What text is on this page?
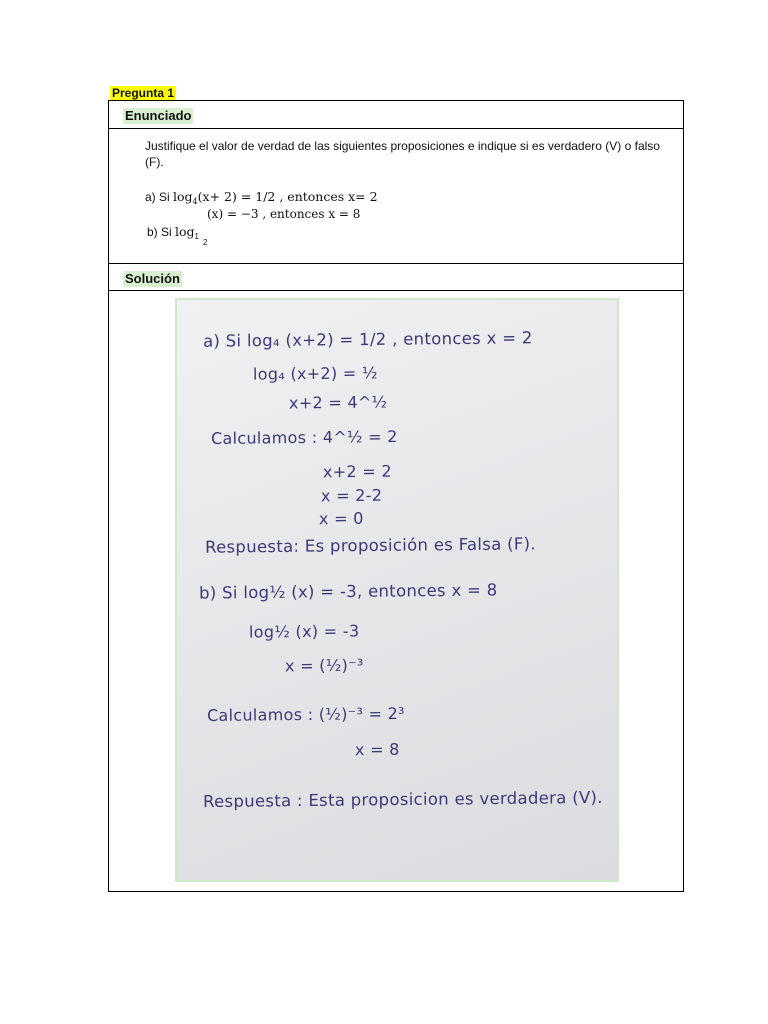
Pregunta 1
Enunciado
Justifique el valor de verdad de las siguientes proposiciones e indique si es verdadero (V) o falso (F).
a) Si $\log_4(x+ 2) = 1/2$ , entonces x= 2
(x) = −3 , entonces x = 8
b) Si $\log_1$
2
Solución
a) Si log₄ (x+2) = 1/2 , entonces x = 2
log₄ (x+2) = ½
x+2 = 4^½
Calculamos : 4^½ = 2
x+2 = 2
x = 2-2
x = 0
Respuesta: Es proposición es Falsa (F).
b) Si log½ (x) = -3, entonces x = 8
log½ (x) = -3
x = (½)⁻³
Calculamos : (½)⁻³ = 2³
x = 8
Respuesta : Esta proposicion es verdadera (V).
